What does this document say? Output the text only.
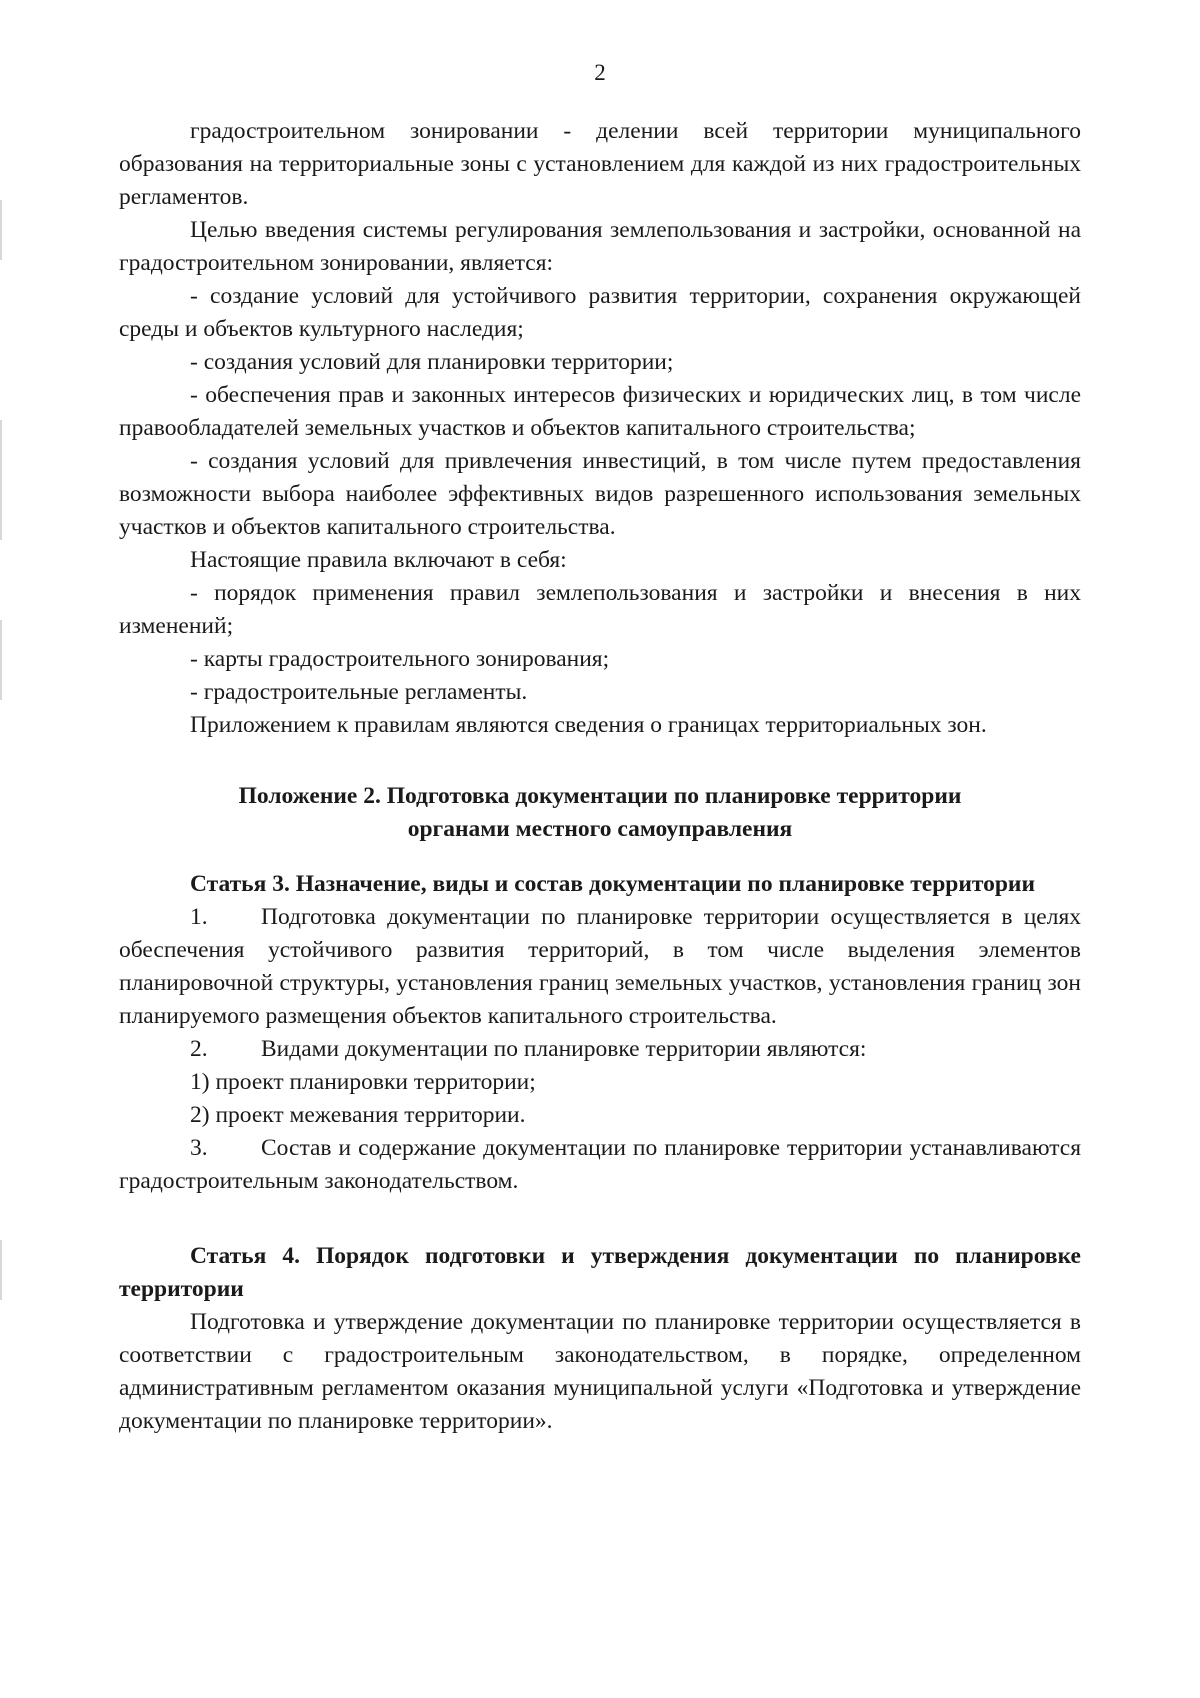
2

градостроительном зонировании - делении всей территории муниципального образования на территориальные зоны с установлением для каждой из них градостроительных регламентов.

Целью введения системы регулирования землепользования и застройки, основанной на градостроительном зонировании, является:

- создание условий для устойчивого развития территории, сохранения окружающей среды и объектов культурного наследия;

- создания условий для планировки территории;

- обеспечения прав и законных интересов физических и юридических лиц, в том числе правообладателей земельных участков и объектов капитального строительства;

- создания условий для привлечения инвестиций, в том числе путем предоставления возможности выбора наиболее эффективных видов разрешенного использования земельных участков и объектов капитального строительства.

Настоящие правила включают в себя:

- порядок применения правил землепользования и застройки и внесения в них изменений;

- карты градостроительного зонирования;

- градостроительные регламенты.

Приложением к правилам являются сведения о границах территориальных зон.

Положение 2. Подготовка документации по планировке территории
органами местного самоуправления
Статья 3. Назначение, виды и состав документации по планировке территории

1. Подготовка документации по планировке территории осуществляется в целях обеспечения устойчивого развития территорий, в том числе выделения элементов планировочной структуры, установления границ земельных участков, установления границ зон планируемого размещения объектов капитального строительства.

2. Видами документации по планировке территории являются:

1) проект планировки территории;

2) проект межевания территории.

3. Состав и содержание документации по планировке территории устанавливаются градостроительным законодательством.

Статья 4. Порядок подготовки и утверждения документации по планировке территории

Подготовка и утверждение документации по планировке территории осуществляется в соответствии с градостроительным законодательством, в порядке, определенном административным регламентом оказания муниципальной услуги «Подготовка и утверждение документации по планировке территории».
